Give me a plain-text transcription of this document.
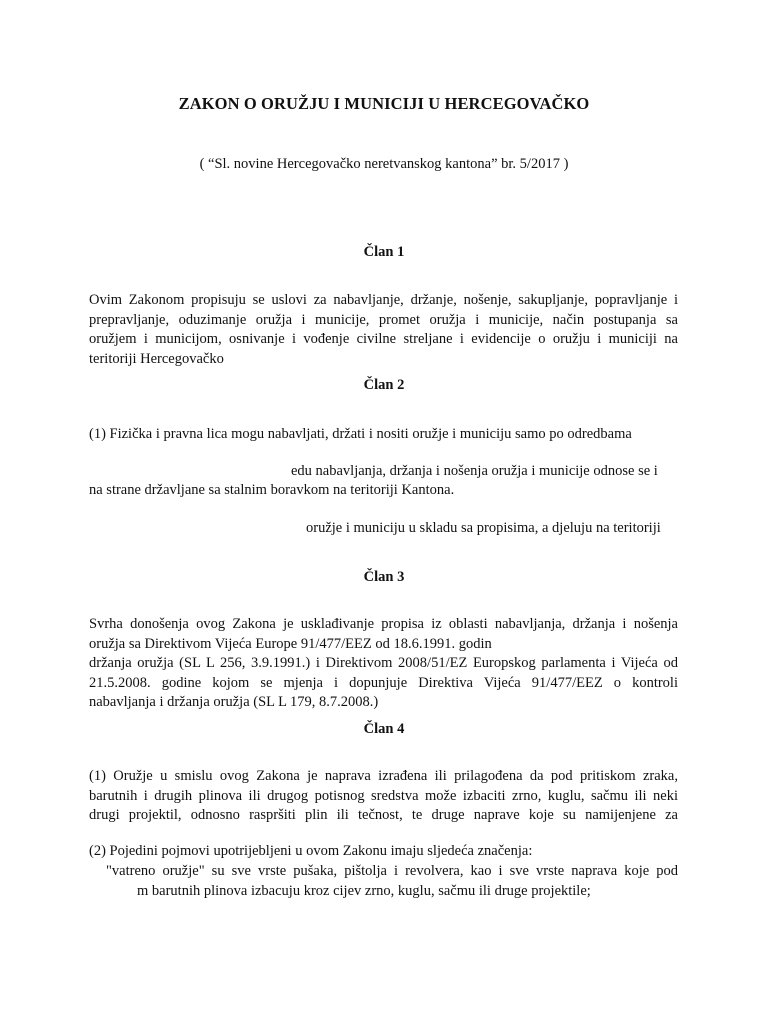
ZAKON O ORUŽJU I MUNICIJI U HERCEGOVAČKO
( “Sl. novine Hercegovačko neretvanskog kantona” br. 5/2017 )
Član 1
Ovim Zakonom propisuju se uslovi za nabavljanje, držanje, nošenje, sakupljanje, popravljanje i
prepravljanje, oduzimanje oružja i municije, promet oružja i municije, način postupanja sa
oružjem i municijom, osnivanje i vođenje civilne streljane i evidencije o oružju i municiji na
teritoriji Hercegovačko
Član 2
(1) Fizička i pravna lica mogu nabavljati, držati i nositi oružje i municiju samo po odredbama
edu nabavljanja, držanja i nošenja oružja i municije odnose se i
na strane državljane sa stalnim boravkom na teritoriji Kantona.
oružje i municiju u skladu sa propisima, a djeluju na teritoriji
Član 3
Svrha donošenja ovog Zakona je usklađivanje propisa iz oblasti nabavljanja, držanja i nošenja
oružja sa Direktivom Vijeća Europe 91/477/EEZ od 18.6.1991. godin
držanja oružja (SL L 256, 3.9.1991.) i Direktivom 2008/51/EZ Europskog parlamenta i Vijeća od
21.5.2008. godine kojom se mjenja i dopunjuje Direktiva Vijeća 91/477/EEZ o kontroli
nabavljanja i držanja oružja (SL L 179, 8.7.2008.)
Član 4
(1) Oružje u smislu ovog Zakona je naprava izrađena ili prilagođena da pod pritiskom zraka,
barutnih i drugih plinova ili drugog potisnog sredstva može izbaciti zrno, kuglu, sačmu ili neki
drugi projektil, odnosno raspršiti plin ili tečnost, te druge naprave koje su namijenjene za
(2) Pojedini pojmovi upotrijebljeni u ovom Zakonu imaju sljedeća značenja:
"vatreno oružje" su sve vrste pušaka, pištolja i revolvera, kao i sve vrste naprava koje pod
m barutnih plinova izbacuju kroz cijev zrno, kuglu, sačmu ili druge projektile;
